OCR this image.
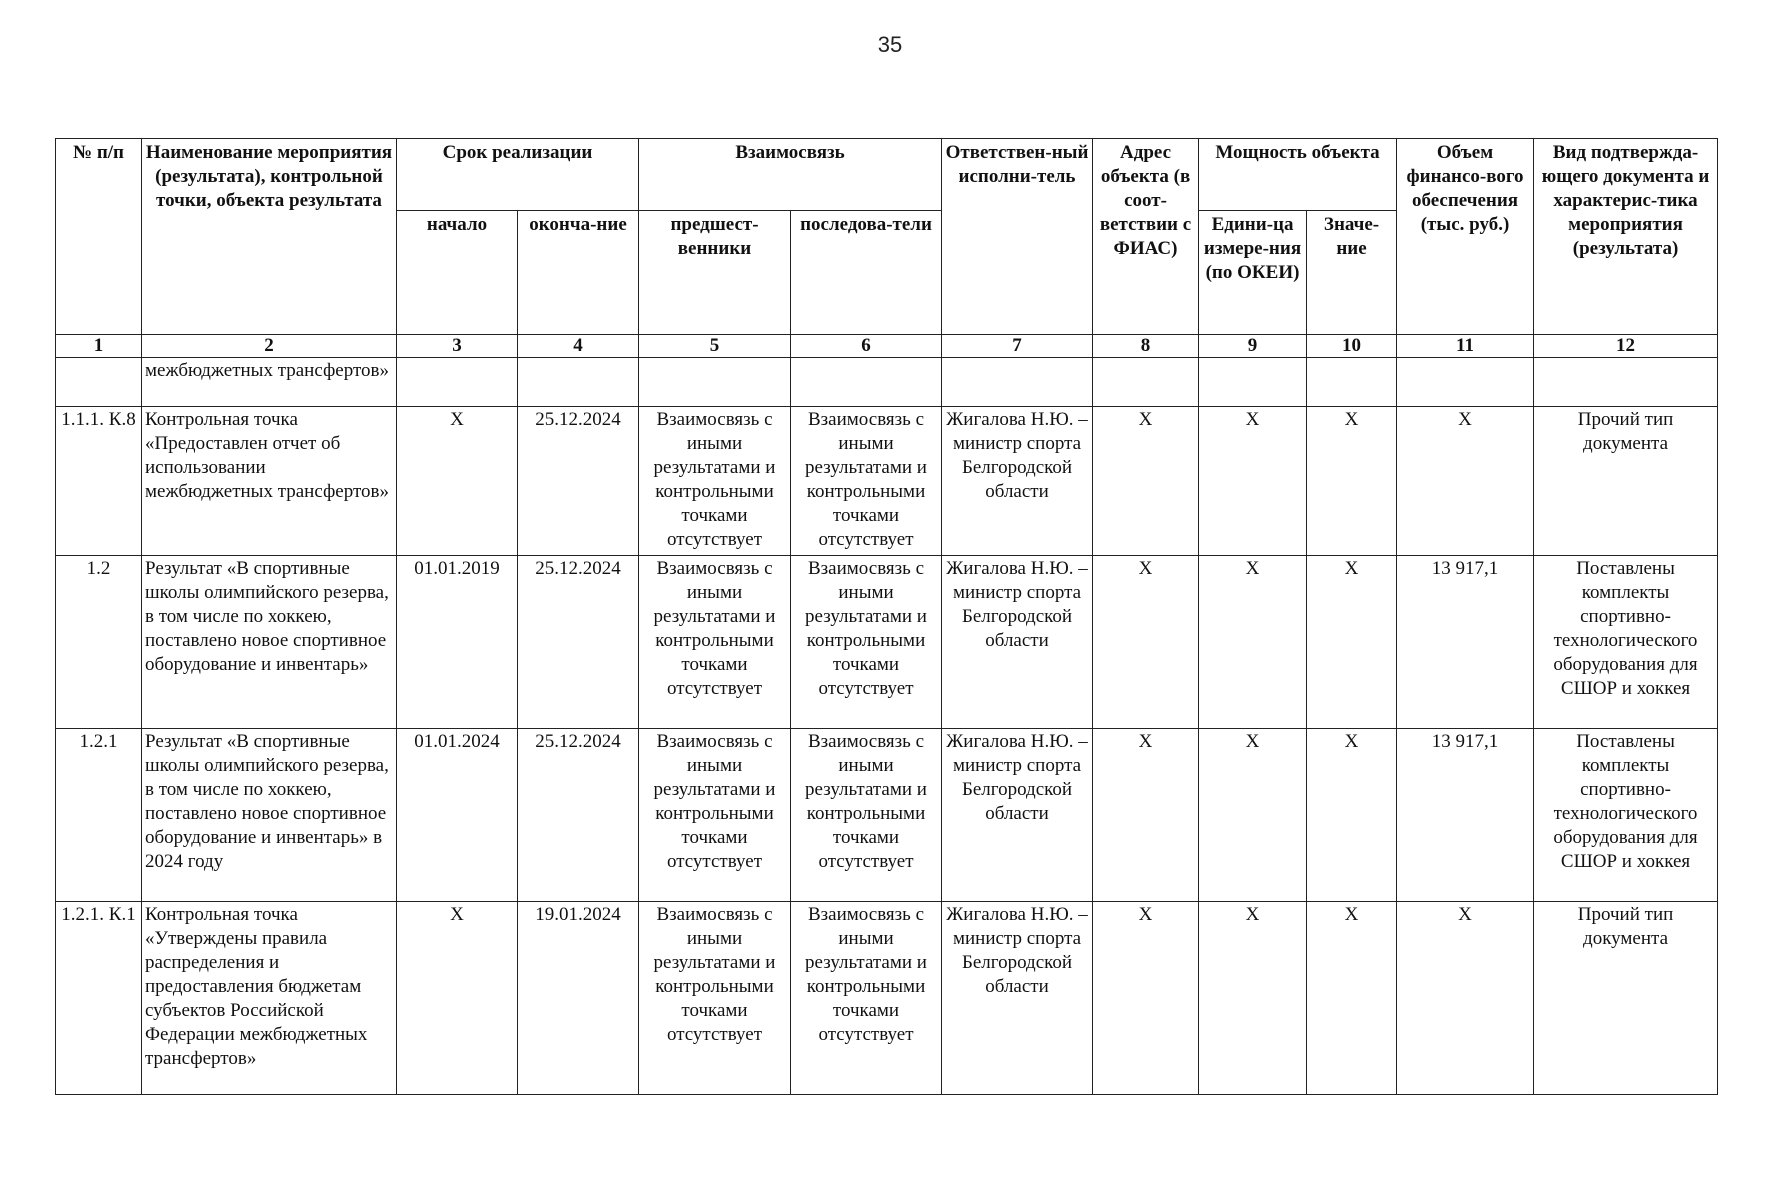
35
№ п/п	Наименование мероприятия (результата), контрольной точки, объекта результата	Срок реализации		Взаимосвязь		Ответствен-ный исполни-тель	Адрес объекта (в соот-ветствии с ФИАС)	Мощность объекта		Объем финансо-вого обеспечения (тыс. руб.)	Вид подтвержда-ющего документа и характерис-тика мероприятия (результата)
		начало	оконча-ние	предшест-венники	последова-тели			Едини-ца измере-ния (по ОКЕИ)	Значе-ние		
1	2	3	4	5	6	7	8	9	10	11	12
	межбюджетных трансфертов»										
1.1.1. К.8	Контрольная точка «Предоставлен отчет об использовании межбюджетных трансфертов»	X	25.12.2024	Взаимосвязь с иными результатами и контрольными точками отсутствует	Взаимосвязь с иными результатами и контрольными точками отсутствует	Жигалова Н.Ю. – министр спорта Белгородской области	X	X	X	X	Прочий тип документа
1.2	Результат «В спортивные школы олимпийского резерва, в том числе по хоккею, поставлено новое спортивное оборудование и инвентарь»	01.01.2019	25.12.2024	Взаимосвязь с иными результатами и контрольными точками отсутствует	Взаимосвязь с иными результатами и контрольными точками отсутствует	Жигалова Н.Ю. – министр спорта Белгородской области	X	X	X	13 917,1	Поставлены комплекты спортивно-технологического оборудования для СШОР и хоккея
1.2.1	Результат «В спортивные школы олимпийского резерва, в том числе по хоккею, поставлено новое спортивное оборудование и инвентарь» в 2024 году	01.01.2024	25.12.2024	Взаимосвязь с иными результатами и контрольными точками отсутствует	Взаимосвязь с иными результатами и контрольными точками отсутствует	Жигалова Н.Ю. – министр спорта Белгородской области	X	X	X	13 917,1	Поставлены комплекты спортивно-технологического оборудования для СШОР и хоккея
1.2.1. К.1	Контрольная точка «Утверждены правила распределения и предоставления бюджетам субъектов Российской Федерации межбюджетных трансфертов»	X	19.01.2024	Взаимосвязь с иными результатами и контрольными точками отсутствует	Взаимосвязь с иными результатами и контрольными точками отсутствует	Жигалова Н.Ю. – министр спорта Белгородской области	X	X	X	X	Прочий тип документа
